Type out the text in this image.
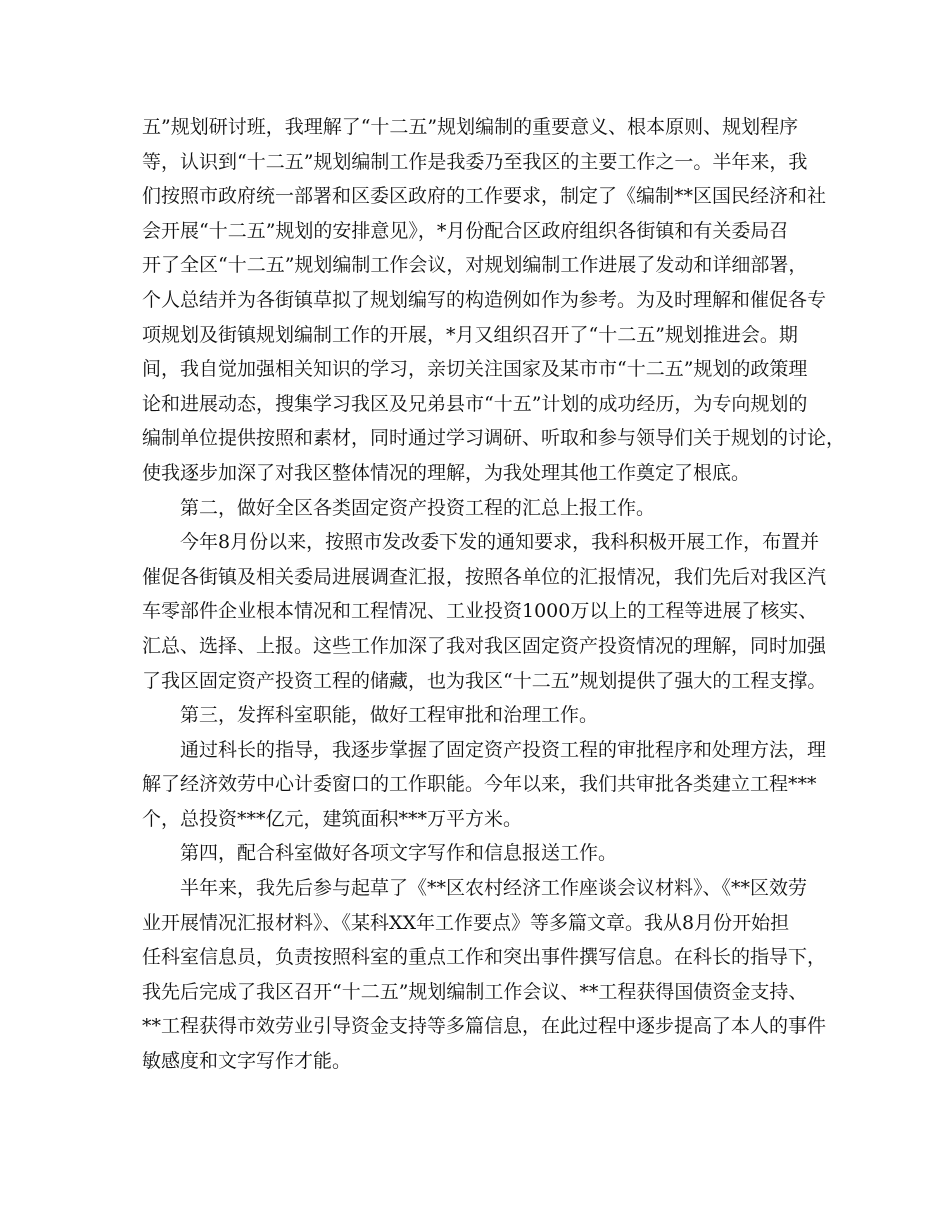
五”规划研讨班，我理解了“十二五”规划编制的重要意义、根本原则、规划程序
等，认识到“十二五”规划编制工作是我委乃至我区的主要工作之一。半年来，我
们按照市政府统一部署和区委区政府的工作要求，制定了《编制**区国民经济和社
会开展“十二五”规划的安排意见》，*月份配合区政府组织各街镇和有关委局召
开了全区“十二五”规划编制工作会议，对规划编制工作进展了发动和详细部署，
个人总结并为各街镇草拟了规划编写的构造例如作为参考。为及时理解和催促各专
项规划及街镇规划编制工作的开展，*月又组织召开了“十二五”规划推进会。期
间，我自觉加强相关知识的学习，亲切关注国家及某市市“十二五”规划的政策理
论和进展动态，搜集学习我区及兄弟县市“十五”计划的成功经历，为专向规划的
编制单位提供按照和素材，同时通过学习调研、听取和参与领导们关于规划的讨论，
使我逐步加深了对我区整体情况的理解，为我处理其他工作奠定了根底。

第二，做好全区各类固定资产投资工程的汇总上报工作。

今年8月份以来，按照市发改委下发的通知要求，我科积极开展工作，布置并
催促各街镇及相关委局进展调查汇报，按照各单位的汇报情况，我们先后对我区汽
车零部件企业根本情况和工程情况、工业投资1000万以上的工程等进展了核实、
汇总、选择、上报。这些工作加深了我对我区固定资产投资情况的理解，同时加强
了我区固定资产投资工程的储藏，也为我区“十二五”规划提供了强大的工程支撑。

第三，发挥科室职能，做好工程审批和治理工作。

通过科长的指导，我逐步掌握了固定资产投资工程的审批程序和处理方法，理
解了经济效劳中心计委窗口的工作职能。今年以来，我们共审批各类建立工程***
个，总投资***亿元，建筑面积***万平方米。

第四，配合科室做好各项文字写作和信息报送工作。

半年来，我先后参与起草了《**区农村经济工作座谈会议材料》、《**区效劳
业开展情况汇报材料》、《某科XX年工作要点》等多篇文章。我从8月份开始担
任科室信息员，负责按照科室的重点工作和突出事件撰写信息。在科长的指导下，
我先后完成了我区召开“十二五”规划编制工作会议、**工程获得国债资金支持、
**工程获得市效劳业引导资金支持等多篇信息，在此过程中逐步提高了本人的事件
敏感度和文字写作才能。
